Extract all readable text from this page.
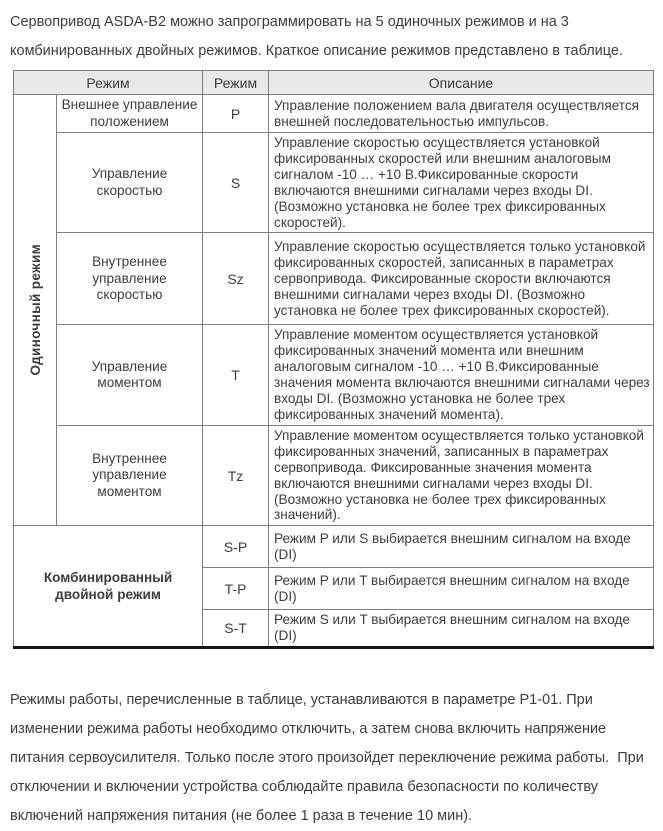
Сервопривод ASDA-B2 можно запрограммировать на 5 одиночных режимов и на 3 комбинированных двойных режимов. Краткое описание режимов представлено в таблице.

Режим		Режим	Описание

Одиночный режим	Внешнее управление положением	P	Управление положением вала двигателя осуществляется внешней последовательностью импульсов.
	Управление скоростью	S	Управление скоростью осуществляется установкой фиксированных скоростей или внешним аналоговым сигналом -10 … +10 В.Фиксированные скорости включаются внешними сигналами через входы DI. (Возможно установка не более трех фиксированных скоростей).
	Внутреннее управление скоростью	Sz	Управление скоростью осуществляется только установкой фиксированных скоростей, записанных в параметрах сервопривода. Фиксированные скорости включаются внешними сигналами через входы DI. (Возможно установка не более трех фиксированных скоростей).
	Управление моментом	T	Управление моментом осуществляется установкой фиксированных значений момента или внешним аналоговым сигналом -10 … +10 В.Фиксированные значения момента включаются внешними сигналами через входы DI. (Возможно установка не более трех фиксированных значений момента).
	Внутреннее управление моментом	Tz	Управление моментом осуществляется только установкой фиксированных значений, записанных в параметрах сервопривода. Фиксированные значения момента включаются внешними сигналами через входы DI. (Возможно установка не более трех фиксированных значений).
Комбинированный двойной режим		S-P	Режим P или S выбирается внешним сигналом на входе (DI)
		T-P	Режим P или T выбирается внешним сигналом на входе (DI)
		S-T	Режим S или T выбирается внешним сигналом на входе (DI)

Режимы работы, перечисленные в таблице, устанавливаются в параметре P1-01. При изменении режима работы необходимо отключить, а затем снова включить напряжение питания сервоусилителя. Только после этого произойдет переключение режима работы.  При отключении и включении устройства соблюдайте правила безопасности по количеству включений напряжения питания (не более 1 раза в течение 10 мин).
